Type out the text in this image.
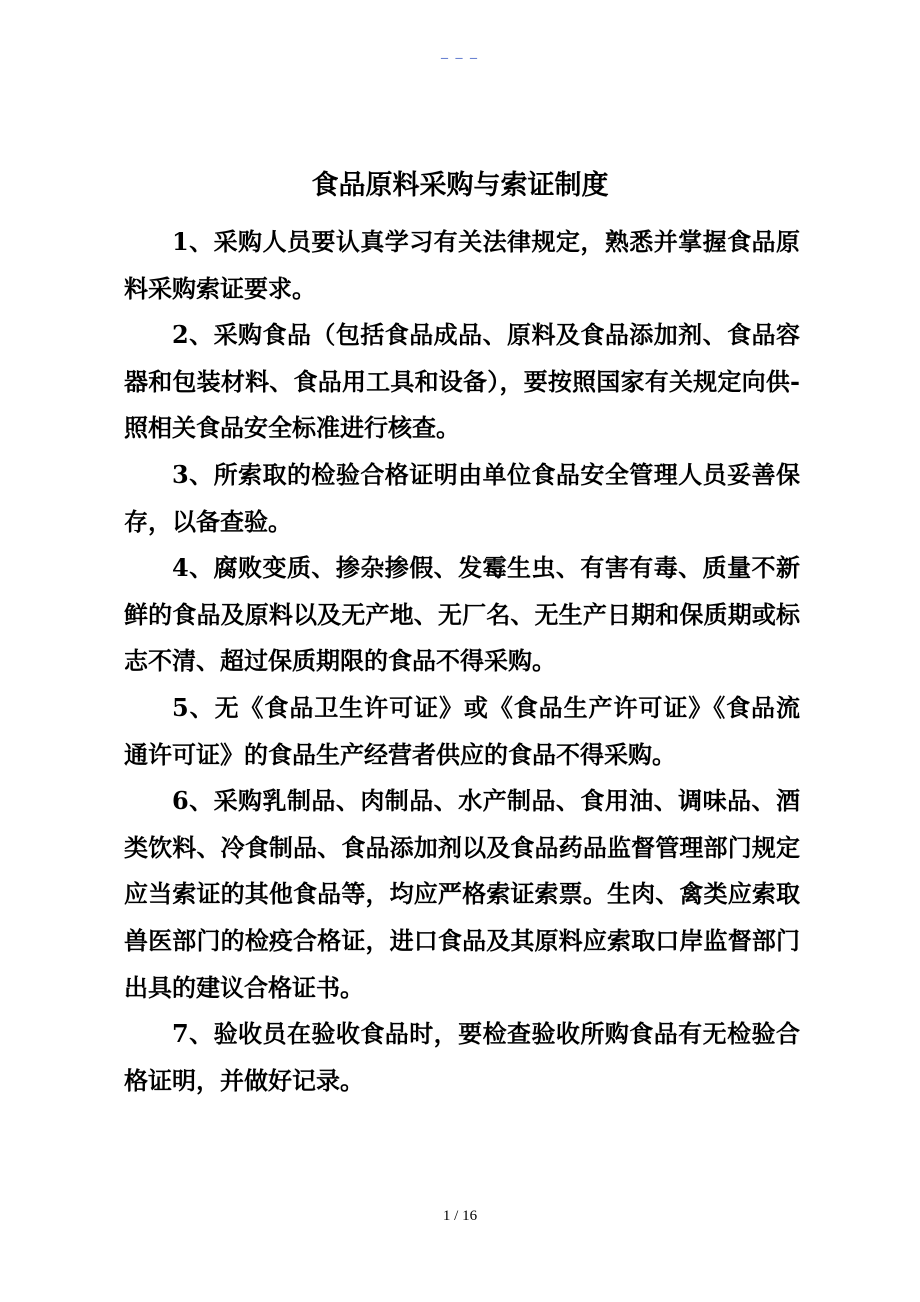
_ _ _
食品原料采购与索证制度

1、采购人员要认真学习有关法律规定，熟悉并掌握食品原料采购索证要求。

2、采购食品（包括食品成品、原料及食品添加剂、食品容器和包装材料、食品用工具和设备），要按照国家有关规定向供-照相关食品安全标准进行核查。

3、所索取的检验合格证明由单位食品安全管理人员妥善保存，以备查验。

4、腐败变质、掺杂掺假、发霉生虫、有害有毒、质量不新鲜的食品及原料以及无产地、无厂名、无生产日期和保质期或标志不清、超过保质期限的食品不得采购。

5、无《食品卫生许可证》或《食品生产许可证》《食品流通许可证》的食品生产经营者供应的食品不得采购。

6、采购乳制品、肉制品、水产制品、食用油、调味品、酒类饮料、冷食制品、食品添加剂以及食品药品监督管理部门规定应当索证的其他食品等，均应严格索证索票。生肉、禽类应索取兽医部门的检疫合格证，进口食品及其原料应索取口岸监督部门出具的建议合格证书。

7、验收员在验收食品时，要检查验收所购食品有无检验合格证明，并做好记录。

1 / 16
